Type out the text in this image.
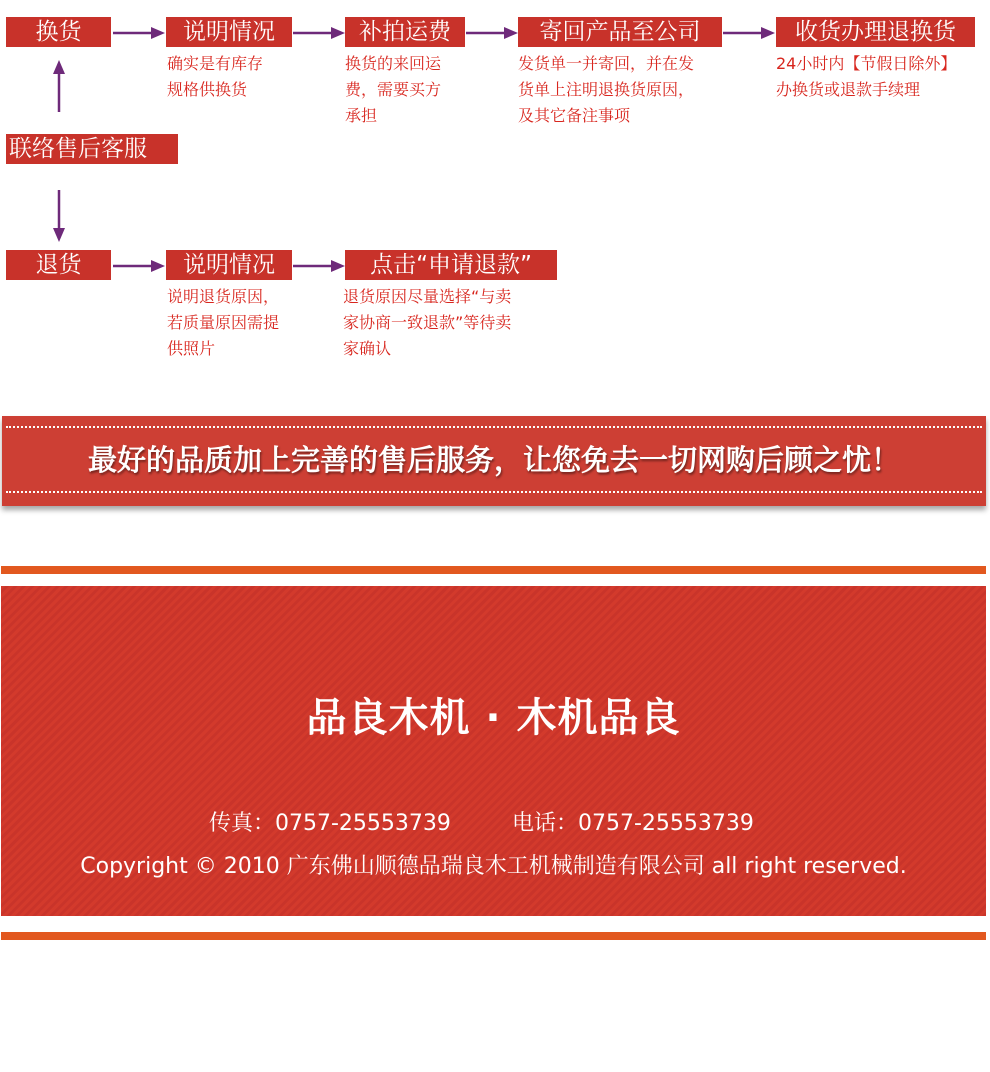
换货	说明情况
确实是有库存
规格供换货
补拍运费
换货的来回运
费，需要买方
承担
寄回产品至公司
发货单一并寄回，并在发
货单上注明退换货原因，
及其它备注事项
收货办理退换货
24小时内【节假日除外】
办换货或退款手续理
联络售后客服
退货	说明情况
说明退货原因，
若质量原因需提
供照片
点击“申请退款”
退货原因尽量选择“与卖
家协商一致退款”等待卖
家确认
最好的品质加上完善的售后服务，让您免去一切网购后顾之忧！
品良木机 · 木机品良
传真：0757-25553739	电话：0757-25553739
Copyright © 2010 广东佛山顺德品瑞良木工机械制造有限公司 all right reserved.
